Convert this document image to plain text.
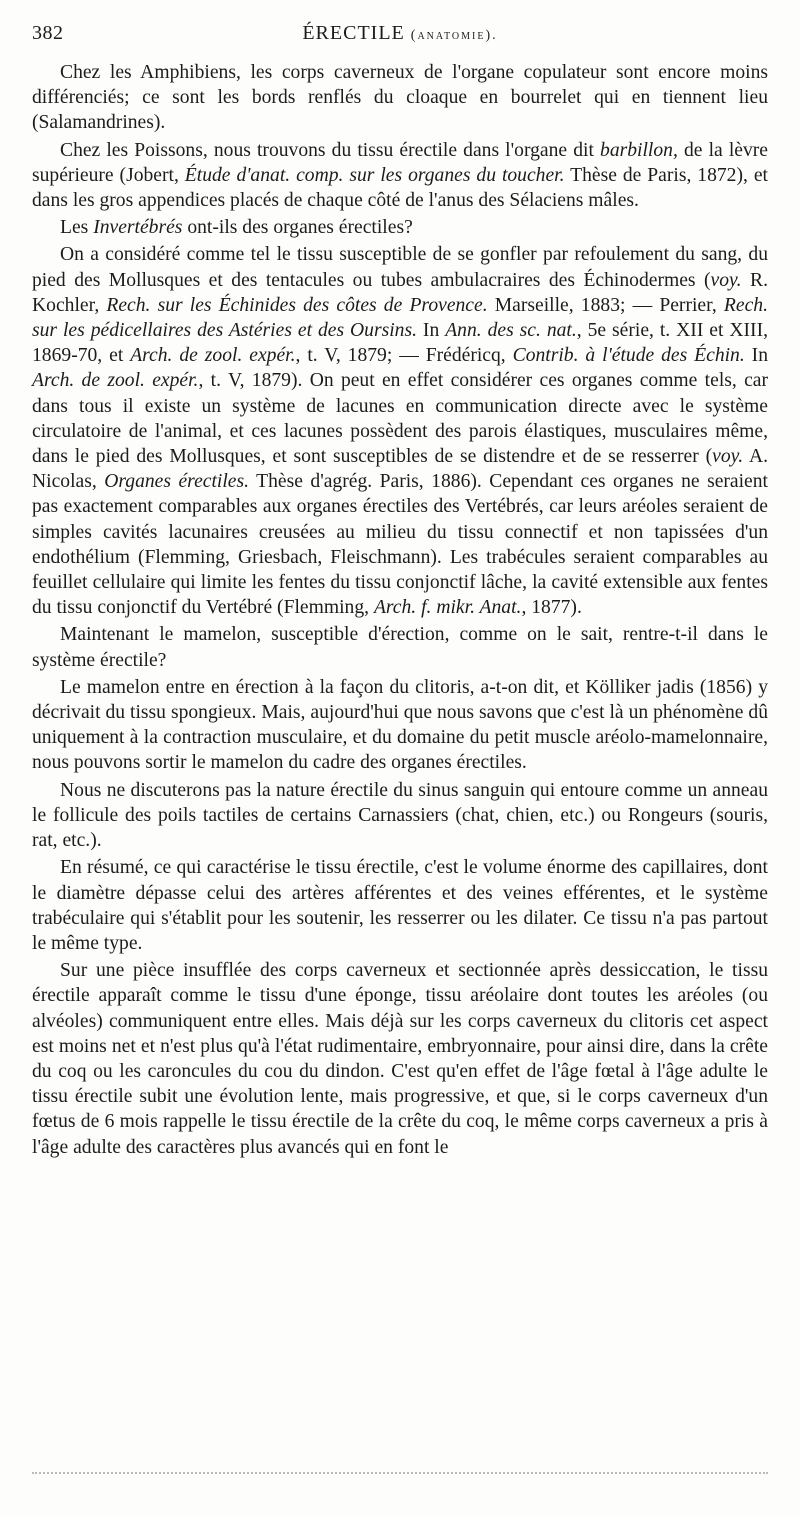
382	ÉRECTILE (anatomie).

Chez les Amphibiens, les corps caverneux de l'organe copulateur sont encore moins différenciés; ce sont les bords renflés du cloaque en bourrelet qui en tiennent lieu (Salamandrines).

Chez les Poissons, nous trouvons du tissu érectile dans l'organe dit barbillon, de la lèvre supérieure (Jobert, Étude d'anat. comp. sur les organes du toucher. Thèse de Paris, 1872), et dans les gros appendices placés de chaque côté de l'anus des Sélaciens mâles.

Les Invertébrés ont-ils des organes érectiles?

On a considéré comme tel le tissu susceptible de se gonfler par refoulement du sang, du pied des Mollusques et des tentacules ou tubes ambulacraires des Échinodermes (voy. R. Kochler, Rech. sur les Échinides des côtes de Provence. Marseille, 1883; — Perrier, Rech. sur les pédicellaires des Astéries et des Oursins. In Ann. des sc. nat., 5e série, t. XII et XIII, 1869-70, et Arch. de zool. expér., t. V, 1879; — Frédéricq, Contrib. à l'étude des Échin. In Arch. de zool. expér., t. V, 1879). On peut en effet considérer ces organes comme tels, car dans tous il existe un système de lacunes en communication directe avec le système circulatoire de l'animal, et ces lacunes possèdent des parois élastiques, musculaires même, dans le pied des Mollusques, et sont susceptibles de se distendre et de se resserrer (voy. A. Nicolas, Organes érectiles. Thèse d'agrég. Paris, 1886). Cependant ces organes ne seraient pas exactement comparables aux organes érectiles des Vertébrés, car leurs aréoles seraient de simples cavités lacunaires creusées au milieu du tissu connectif et non tapissées d'un endothélium (Flemming, Griesbach, Fleischmann). Les trabécules seraient comparables au feuillet cellulaire qui limite les fentes du tissu conjonctif lâche, la cavité extensible aux fentes du tissu conjonctif du Vertébré (Flemming, Arch. f. mikr. Anat., 1877).

Maintenant le mamelon, susceptible d'érection, comme on le sait, rentre-t-il dans le système érectile?

Le mamelon entre en érection à la façon du clitoris, a-t-on dit, et Kölliker jadis (1856) y décrivait du tissu spongieux. Mais, aujourd'hui que nous savons que c'est là un phénomène dû uniquement à la contraction musculaire, et du domaine du petit muscle aréolo-mamelonnaire, nous pouvons sortir le mamelon du cadre des organes érectiles.

Nous ne discuterons pas la nature érectile du sinus sanguin qui entoure comme un anneau le follicule des poils tactiles de certains Carnassiers (chat, chien, etc.) ou Rongeurs (souris, rat, etc.).

En résumé, ce qui caractérise le tissu érectile, c'est le volume énorme des capillaires, dont le diamètre dépasse celui des artères afférentes et des veines efférentes, et le système trabéculaire qui s'établit pour les soutenir, les resserrer ou les dilater. Ce tissu n'a pas partout le même type.

Sur une pièce insufflée des corps caverneux et sectionnée après dessiccation, le tissu érectile apparaît comme le tissu d'une éponge, tissu aréolaire dont toutes les aréoles (ou alvéoles) communiquent entre elles. Mais déjà sur les corps caverneux du clitoris cet aspect est moins net et n'est plus qu'à l'état rudimentaire, embryonnaire, pour ainsi dire, dans la crête du coq ou les caroncules du cou du dindon. C'est qu'en effet de l'âge fœtal à l'âge adulte le tissu érectile subit une évolution lente, mais progressive, et que, si le corps caverneux d'un fœtus de 6 mois rappelle le tissu érectile de la crête du coq, le même corps caverneux a pris à l'âge adulte des caractères plus avancés qui en font le
